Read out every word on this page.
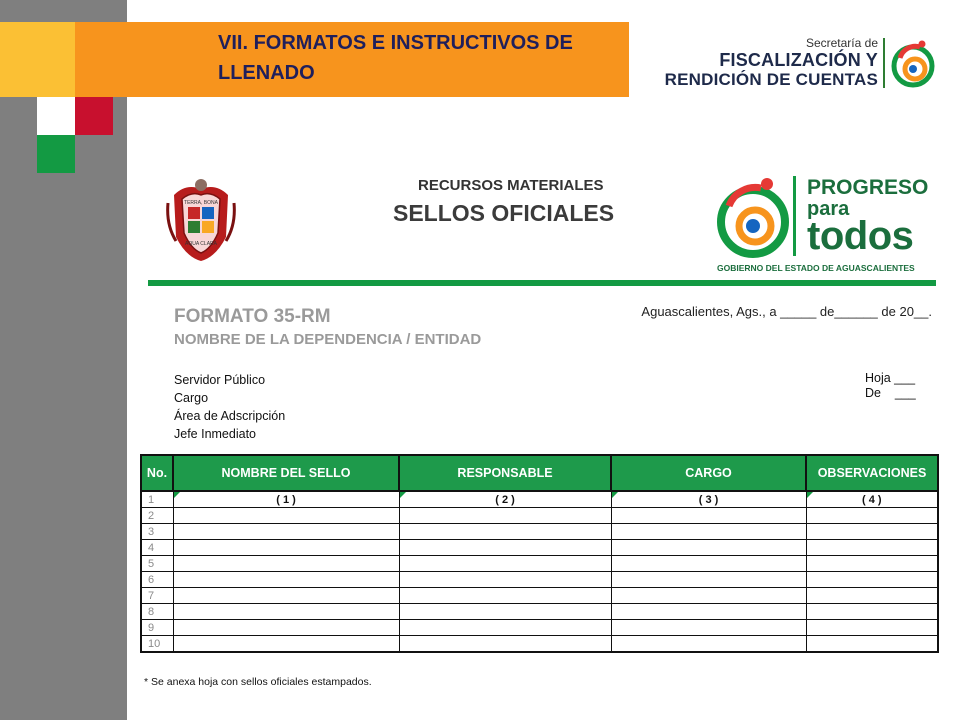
VII. FORMATOS E INSTRUCTIVOS DE LLENADO
Secretaría de
FISCALIZACIÓN Y
RENDICIÓN DE CUENTAS
TERRA, BONA
AQUA CLARA
RECURSOS MATERIALES
SELLOS OFICIALES
PROGRESO
para
todos
GOBIERNO DEL ESTADO DE AGUASCALIENTES
FORMATO 35-RM
NOMBRE DE LA DEPENDENCIA / ENTIDAD
Aguascalientes, Ags., a _____ de______ de 20__.
Servidor Público
Cargo
Área de Adscripción
Jefe Inmediato
Hoja ___
De    ___
No.	NOMBRE DEL SELLO	RESPONSABLE	CARGO	OBSERVACIONES
1	( 1 )	( 2 )	( 3 )	( 4 )
2				
3				
4				
5				
6				
7				
8				
9				
10				
* Se anexa hoja con sellos oficiales estampados.
